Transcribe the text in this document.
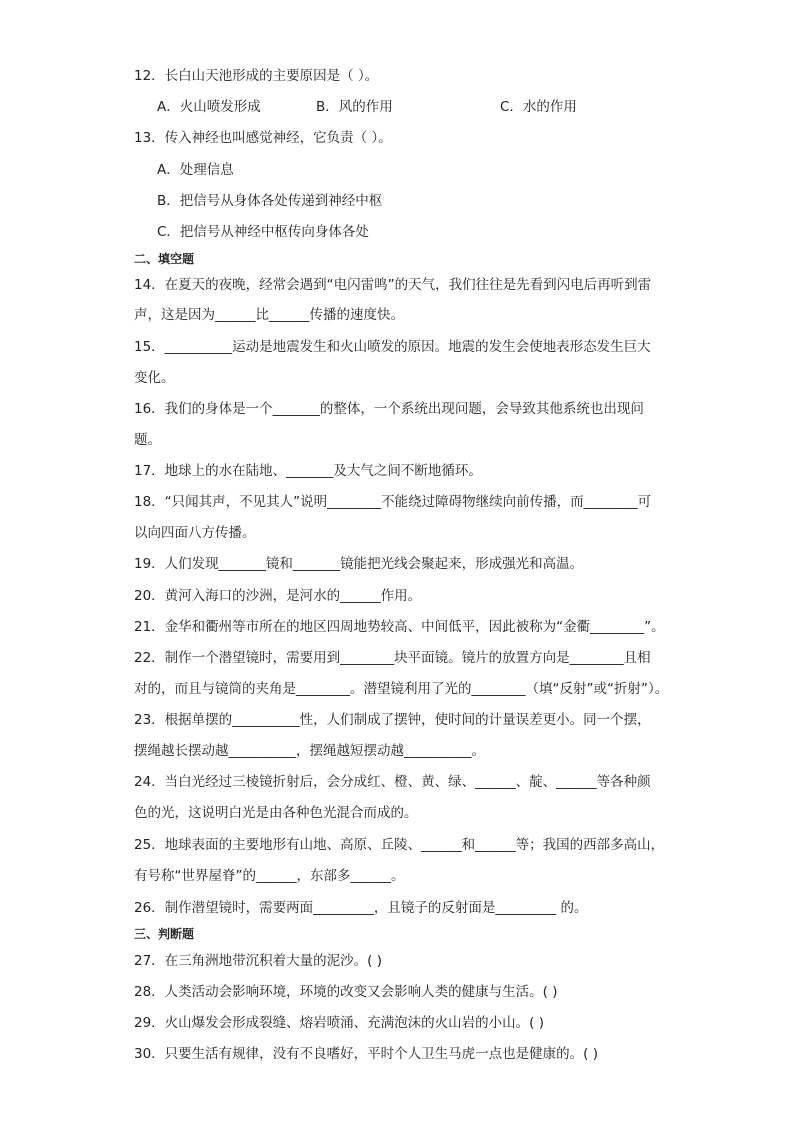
12．长白山天池形成的主要原因是（ ）。
A．火山喷发形成	B．风的作用	C．水的作用
13．传入神经也叫感觉神经，它负责（ ）。
A．处理信息
B．把信号从身体各处传递到神经中枢
C．把信号从神经中枢传向身体各处
二、填空题
14．在夏天的夜晚，经常会遇到“电闪雷鸣”的天气，我们往往是先看到闪电后再听到雷
声，这是因为______比______传播的速度快。
15．__________运动是地震发生和火山喷发的原因。地震的发生会使地表形态发生巨大
变化。
16．我们的身体是一个_______的整体，一个系统出现问题，会导致其他系统也出现问
题。
17．地球上的水在陆地、_______及大气之间不断地循环。
18．“只闻其声，不见其人”说明________不能绕过障碍物继续向前传播，而________可
以向四面八方传播。
19．人们发现_______镜和_______镜能把光线会聚起来，形成强光和高温。
20．黄河入海口的沙洲，是河水的______作用。
21．金华和衢州等市所在的地区四周地势较高、中间低平，因此被称为“金衢________”。
22．制作一个潜望镜时，需要用到________块平面镜。镜片的放置方向是________且相
对的，而且与镜筒的夹角是________。潜望镜利用了光的________（填“反射”或“折射”）。
23．根据单摆的__________性，人们制成了摆钟，使时间的计量误差更小。同一个摆，
摆绳越长摆动越__________，摆绳越短摆动越__________。
24．当白光经过三棱镜折射后，会分成红、橙、黄、绿、______、靛、______等各种颜
色的光，这说明白光是由各种色光混合而成的。
25．地球表面的主要地形有山地、高原、丘陵、______和______等；我国的西部多高山，
有号称“世界屋脊”的______，东部多______。
26．制作潜望镜时，需要两面_________，且镜子的反射面是_________ 的。
三、判断题
27．在三角洲地带沉积着大量的泥沙。( )
28．人类活动会影响环境，环境的改变又会影响人类的健康与生活。( )
29．火山爆发会形成裂缝、熔岩喷涌、充满泡沫的火山岩的小山。( )
30．只要生活有规律，没有不良嗜好，平时个人卫生马虎一点也是健康的。( )
